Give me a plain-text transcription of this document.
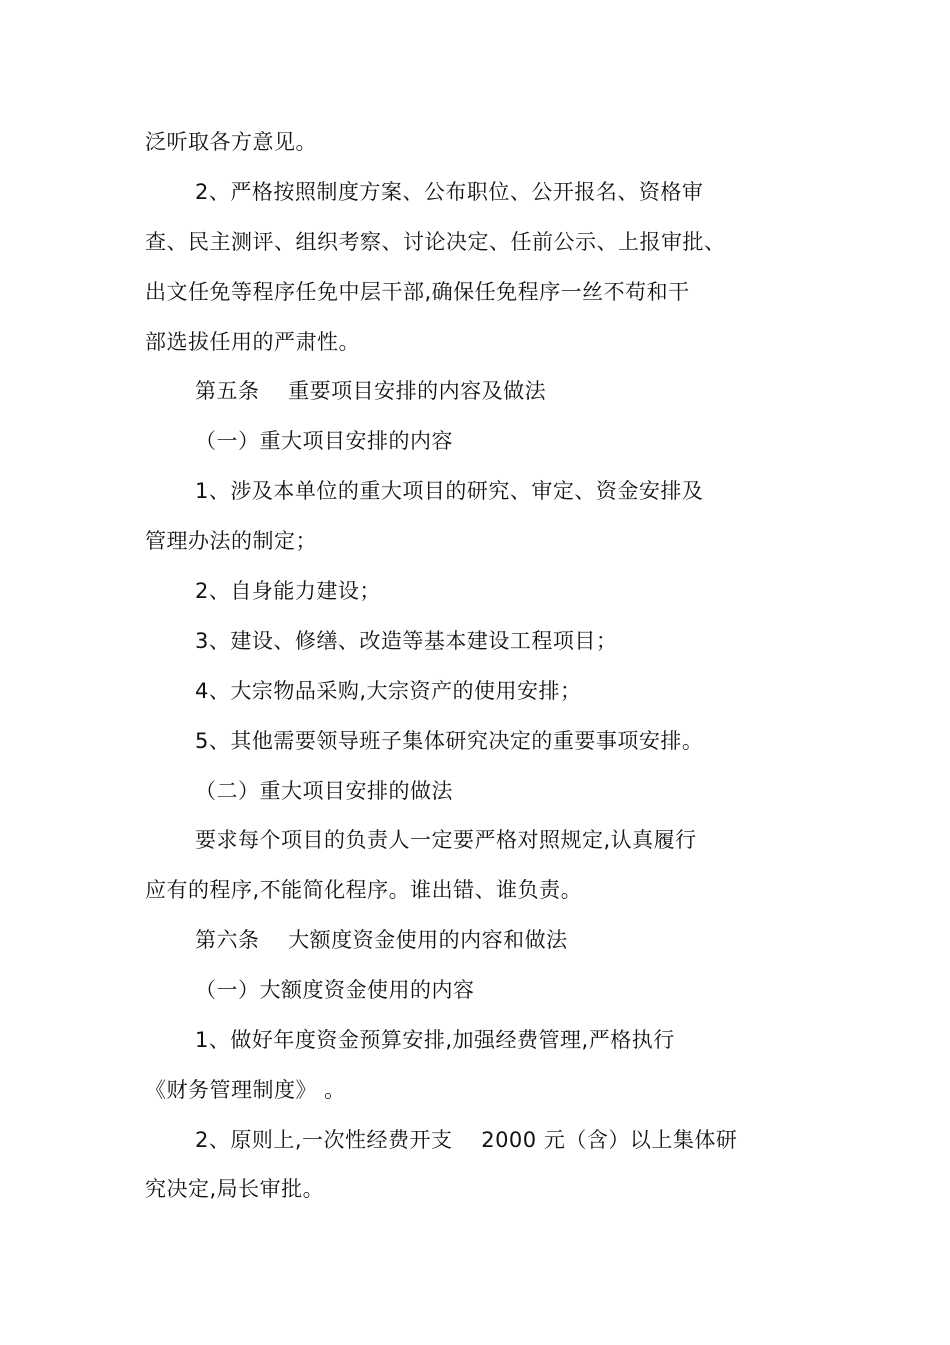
泛听取各方意见。
2、严格按照制度方案、公布职位、公开报名、资格审
查、民主测评、组织考察、讨论决定、任前公示、上报审批、
出文任免等程序任免中层干部,确保任免程序一丝不苟和干
部选拔任用的严肃性。
第五条　 重要项目安排的内容及做法
（一）重大项目安排的内容
1、涉及本单位的重大项目的研究、审定、资金安排及
管理办法的制定；
2、自身能力建设；
3、建设、修缮、改造等基本建设工程项目；
4、大宗物品采购,大宗资产的使用安排；
5、其他需要领导班子集体研究决定的重要事项安排。
（二）重大项目安排的做法
要求每个项目的负责人一定要严格对照规定,认真履行
应有的程序,不能简化程序。谁出错、谁负责。
第六条　 大额度资金使用的内容和做法
（一）大额度资金使用的内容
1、做好年度资金预算安排,加强经费管理,严格执行
《财务管理制度》 。
2、原则上,一次性经费开支　 2000 元（含）以上集体研
究决定,局长审批。
